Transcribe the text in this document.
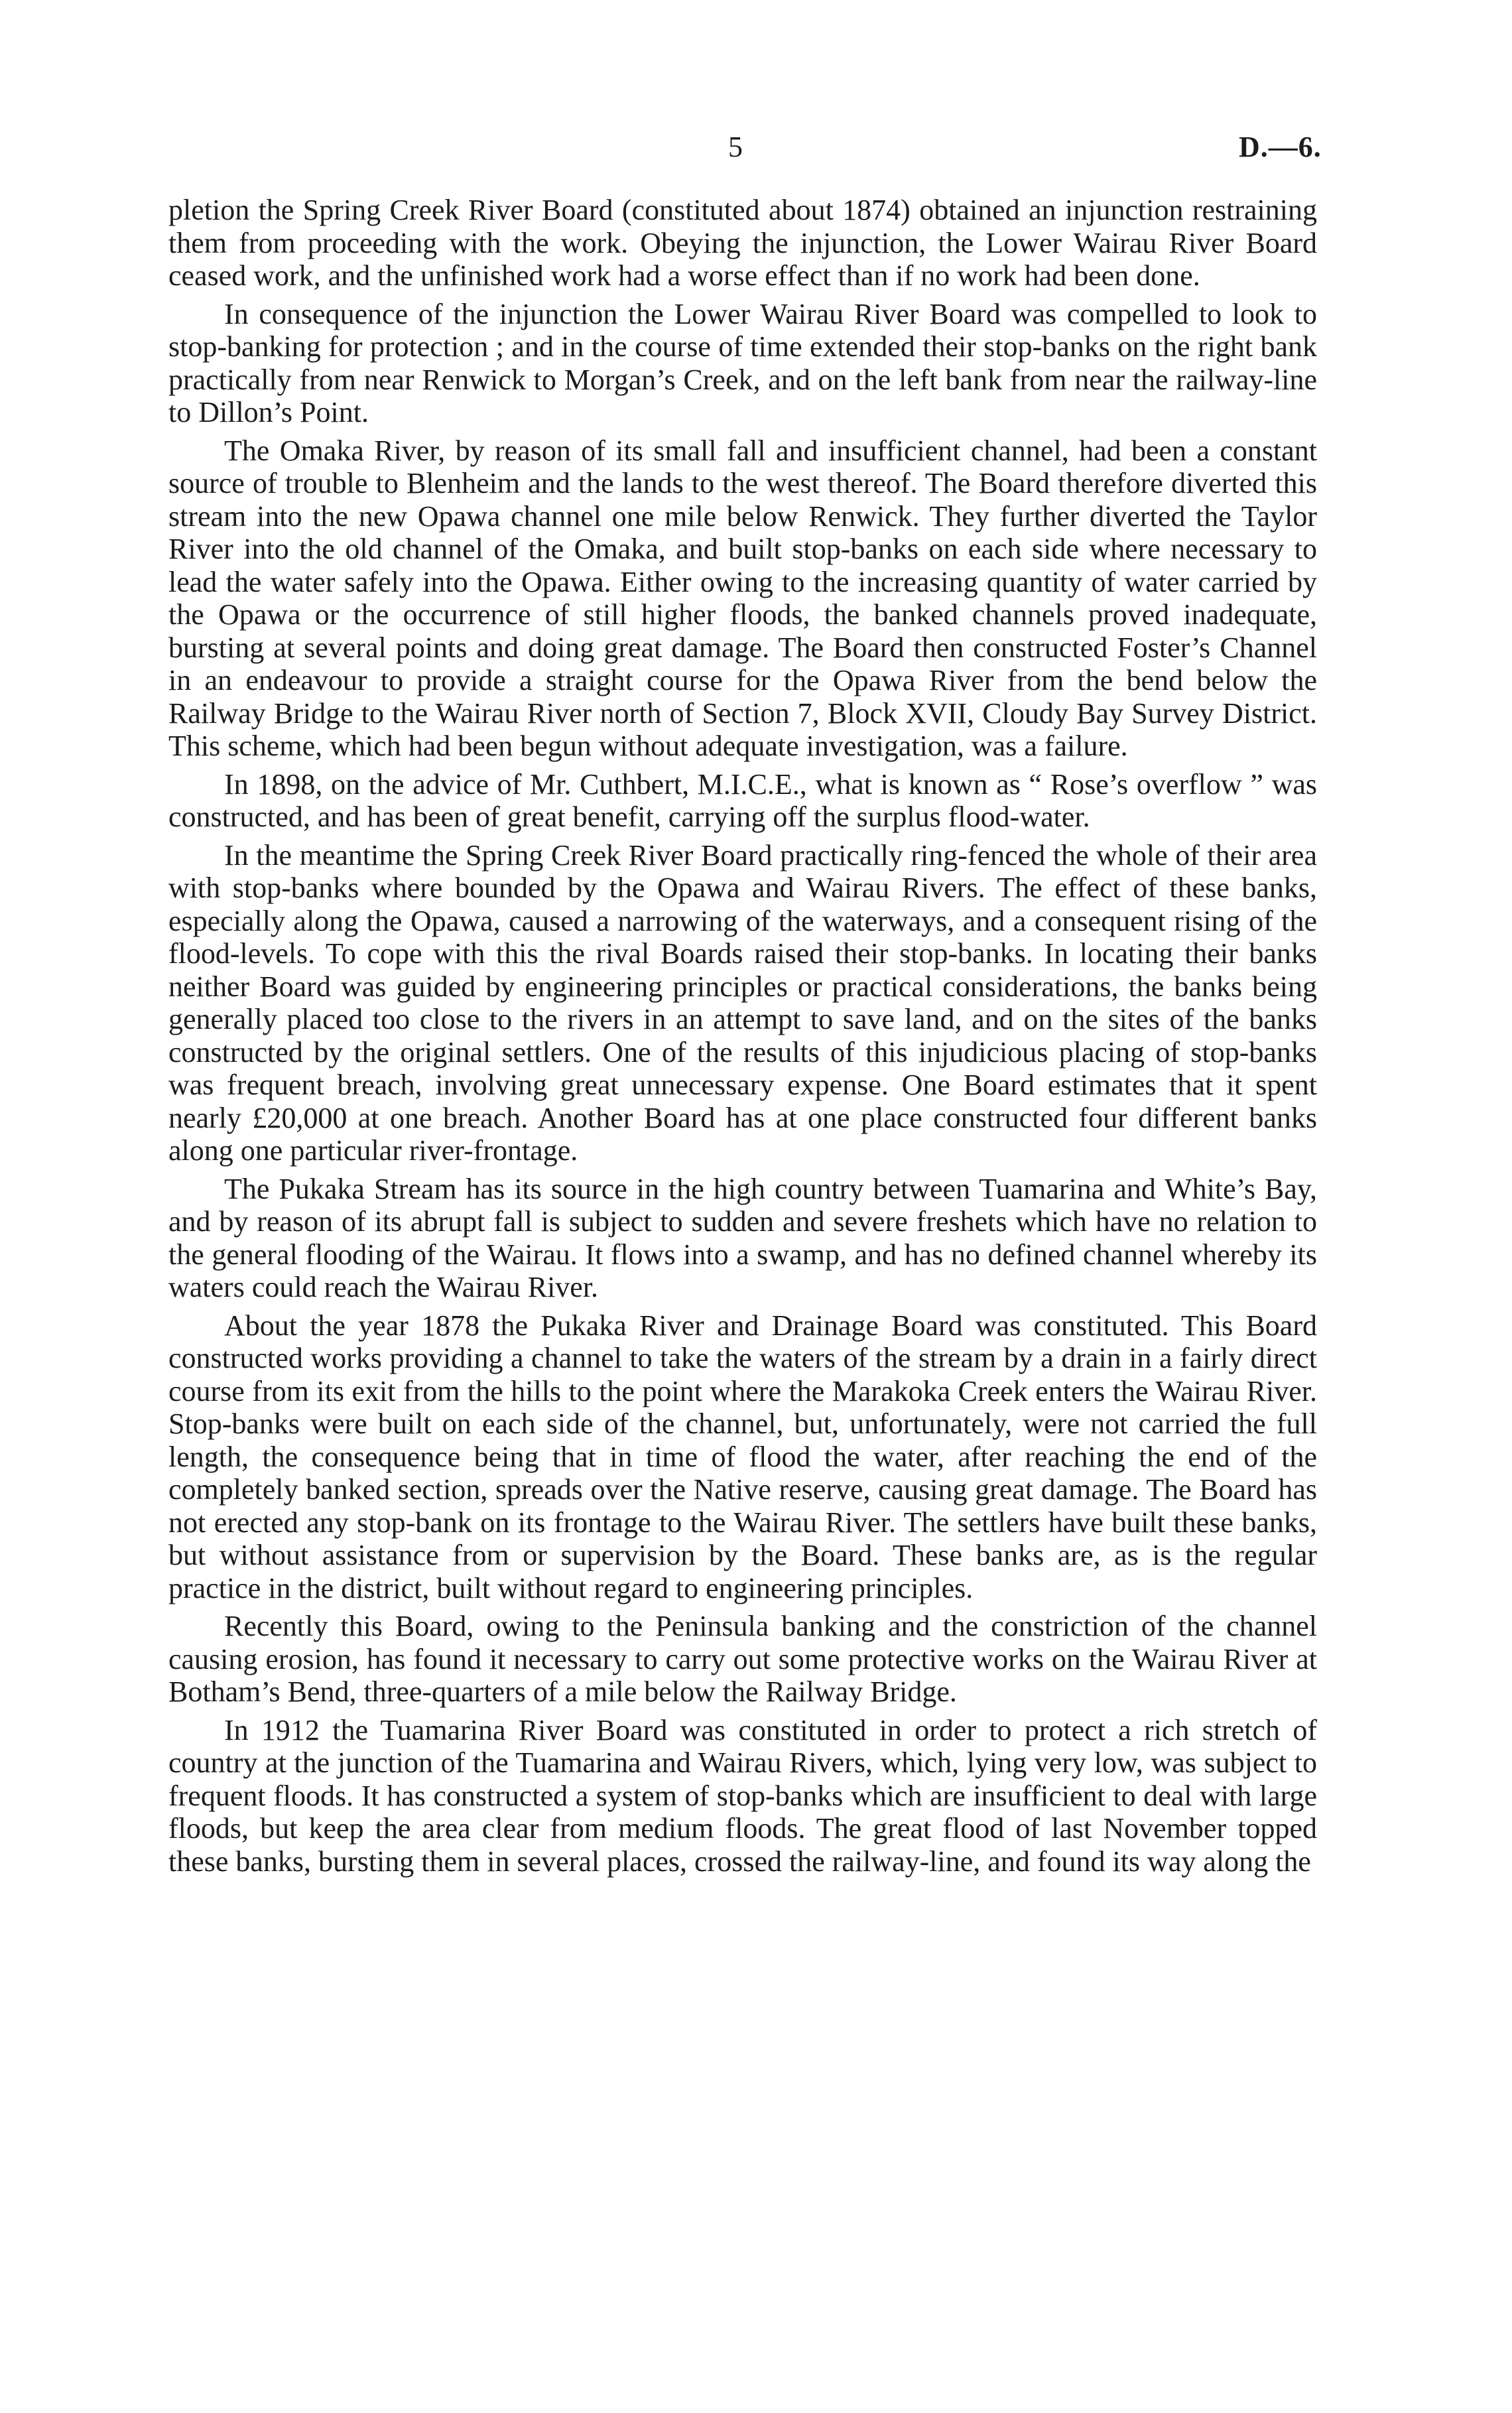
5	D.—6.

pletion the Spring Creek River Board (constituted about 1874) obtained an injunction restraining them from proceeding with the work. Obeying the injunction, the Lower Wairau River Board ceased work, and the unfinished work had a worse effect than if no work had been done.

In consequence of the injunction the Lower Wairau River Board was compelled to look to stop-banking for protection ; and in the course of time extended their stop-banks on the right bank practically from near Renwick to Morgan’s Creek, and on the left bank from near the railway-line to Dillon’s Point.

The Omaka River, by reason of its small fall and insufficient channel, had been a constant source of trouble to Blenheim and the lands to the west thereof. The Board therefore diverted this stream into the new Opawa channel one mile below Renwick. They further diverted the Taylor River into the old channel of the Omaka, and built stop-banks on each side where necessary to lead the water safely into the Opawa. Either owing to the increasing quantity of water carried by the Opawa or the occurrence of still higher floods, the banked channels proved inadequate, bursting at several points and doing great damage. The Board then constructed Foster’s Channel in an endeavour to provide a straight course for the Opawa River from the bend below the Railway Bridge to the Wairau River north of Section 7, Block XVII, Cloudy Bay Survey District. This scheme, which had been begun without adequate investigation, was a failure.

In 1898, on the advice of Mr. Cuthbert, M.I.C.E., what is known as “ Rose’s overflow ” was constructed, and has been of great benefit, carrying off the surplus flood-water.

In the meantime the Spring Creek River Board practically ring-fenced the whole of their area with stop-banks where bounded by the Opawa and Wairau Rivers. The effect of these banks, especially along the Opawa, caused a narrowing of the waterways, and a consequent rising of the flood-levels. To cope with this the rival Boards raised their stop-banks. In locating their banks neither Board was guided by engineering principles or practical considerations, the banks being generally placed too close to the rivers in an attempt to save land, and on the sites of the banks constructed by the original settlers. One of the results of this injudicious placing of stop-banks was frequent breach, involving great unnecessary expense. One Board estimates that it spent nearly £20,000 at one breach. Another Board has at one place constructed four different banks along one particular river-frontage.

The Pukaka Stream has its source in the high country between Tuamarina and White’s Bay, and by reason of its abrupt fall is subject to sudden and severe freshets which have no relation to the general flooding of the Wairau. It flows into a swamp, and has no defined channel whereby its waters could reach the Wairau River.

About the year 1878 the Pukaka River and Drainage Board was constituted. This Board constructed works providing a channel to take the waters of the stream by a drain in a fairly direct course from its exit from the hills to the point where the Marakoka Creek enters the Wairau River. Stop-banks were built on each side of the channel, but, unfortunately, were not carried the full length, the consequence being that in time of flood the water, after reaching the end of the completely banked section, spreads over the Native reserve, causing great damage. The Board has not erected any stop-bank on its frontage to the Wairau River. The settlers have built these banks, but without assistance from or supervision by the Board. These banks are, as is the regular practice in the district, built without regard to engineering principles.

Recently this Board, owing to the Peninsula banking and the constriction of the channel causing erosion, has found it necessary to carry out some protective works on the Wairau River at Botham’s Bend, three-quarters of a mile below the Railway Bridge.

In 1912 the Tuamarina River Board was constituted in order to protect a rich stretch of country at the junction of the Tuamarina and Wairau Rivers, which, lying very low, was subject to frequent floods. It has constructed a system of stop-banks which are insufficient to deal with large floods, but keep the area clear from medium floods. The great flood of last November topped these banks, bursting them in several places, crossed the railway-line, and found its way along the
